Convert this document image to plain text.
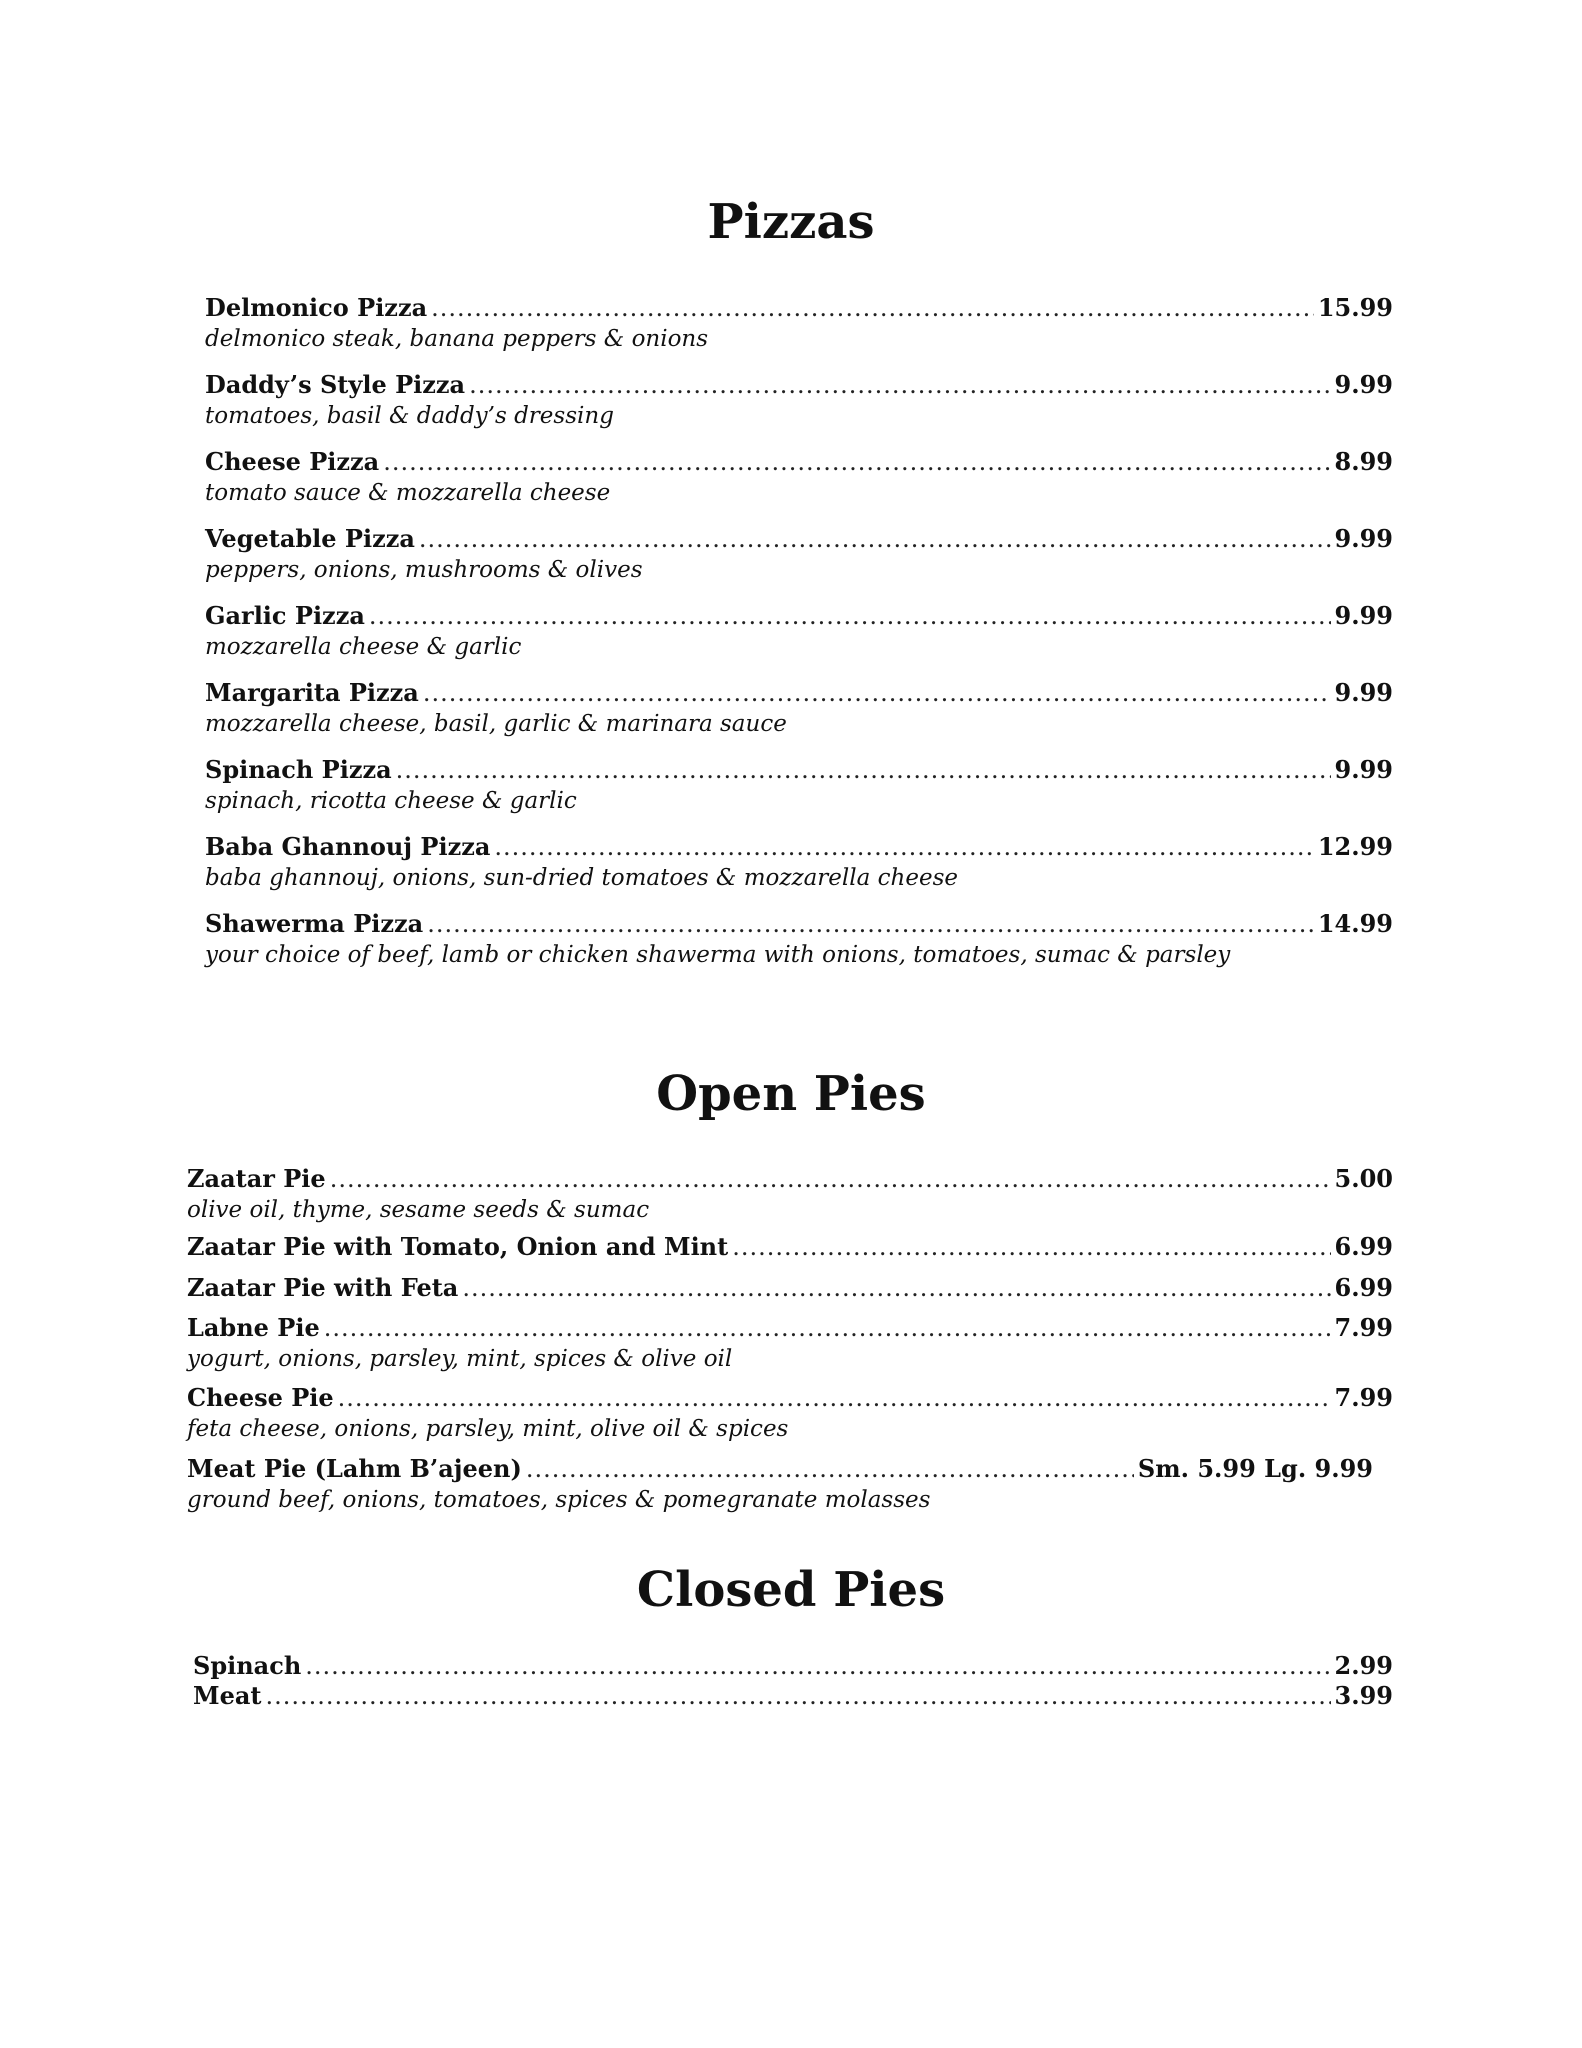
Pizzas
Delmonico Pizza .....	15.99
delmonico steak, banana peppers & onions
Daddy’s Style Pizza .....	9.99
tomatoes, basil & daddy’s dressing
Cheese Pizza .....	8.99
tomato sauce & mozzarella cheese
Vegetable Pizza .....	9.99
peppers, onions, mushrooms & olives
Garlic Pizza .....	9.99
mozzarella cheese & garlic
Margarita Pizza .....	9.99
mozzarella cheese, basil, garlic & marinara sauce
Spinach Pizza .....	9.99
spinach, ricotta cheese & garlic
Baba Ghannouj Pizza .....	12.99
baba ghannouj, onions, sun-dried tomatoes & mozzarella cheese
Shawerma Pizza .....	14.99
your choice of beef, lamb or chicken shawerma with onions, tomatoes, sumac & parsley
Open Pies
Zaatar Pie .....	5.00
olive oil, thyme, sesame seeds & sumac
Zaatar Pie with Tomato, Onion and Mint .....	6.99
Zaatar Pie with Feta .....	6.99
Labne Pie .....	7.99
yogurt, onions, parsley, mint, spices & olive oil
Cheese Pie .....	7.99
feta cheese, onions, parsley, mint, olive oil & spices
Meat Pie (Lahm B’ajeen) .....	Sm. 5.99 Lg. 9.99
ground beef, onions, tomatoes, spices & pomegranate molasses
Closed Pies
Spinach .....	2.99
Meat .....	3.99
